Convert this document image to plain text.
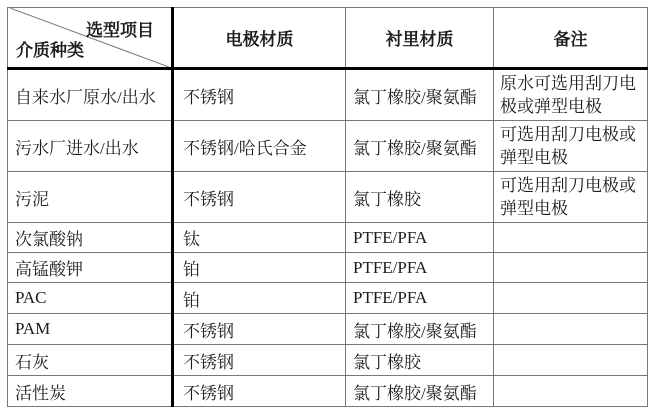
选型项目
介质种类	电极材质	衬里材质	备注
自来水厂原水/出水	不锈钢	氯丁橡胶/聚氨酯	原水可选用刮刀电极或弹型电极
污水厂进水/出水	不锈钢/哈氏合金	氯丁橡胶/聚氨酯	可选用刮刀电极或弹型电极
污泥	不锈钢	氯丁橡胶	可选用刮刀电极或弹型电极
次氯酸钠	钛	PTFE/PFA	
高锰酸钾	铂	PTFE/PFA	
PAC	铂	PTFE/PFA	
PAM	不锈钢	氯丁橡胶/聚氨酯	
石灰	不锈钢	氯丁橡胶	
活性炭	不锈钢	氯丁橡胶/聚氨酯	
